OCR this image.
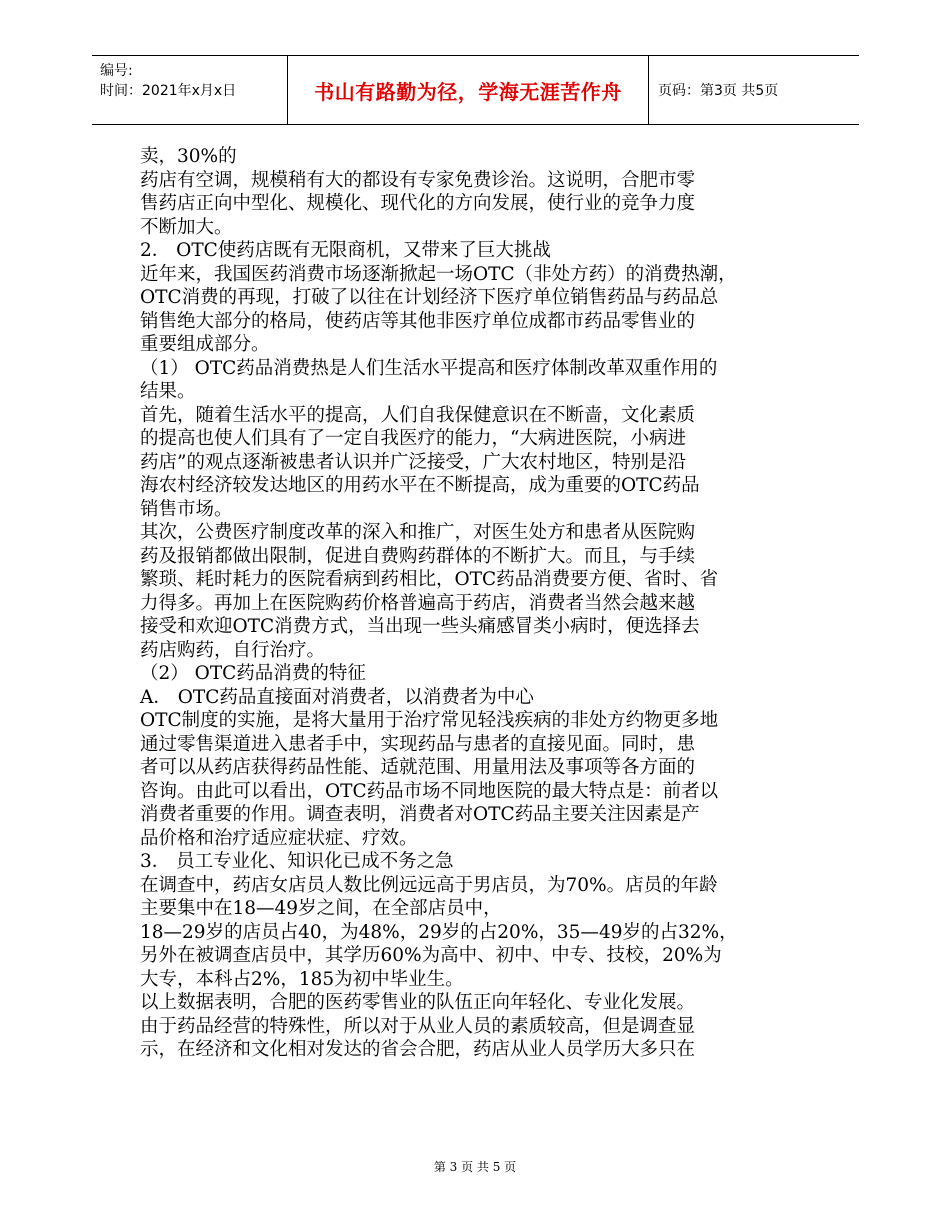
编号:
时间：2021年x月x日	书山有路勤为径，学海无涯苦作舟	页码：第3页 共5页

卖，30%的

药店有空调，规模稍有大的都设有专家免费诊治。这说明，合肥市零

售药店正向中型化、规模化、现代化的方向发展，使行业的竞争力度

不断加大。

2． OTC使药店既有无限商机，又带来了巨大挑战

近年来，我国医药消费市场逐渐掀起一场OTC（非处方药）的消费热潮，

OTC消费的再现，打破了以往在计划经济下医疗单位销售药品与药品总

销售绝大部分的格局，使药店等其他非医疗单位成都市药品零售业的

重要组成部分。

（1） OTC药品消费热是人们生活水平提高和医疗体制改革双重作用的

结果。

首先，随着生活水平的提高，人们自我保健意识在不断啬，文化素质

的提高也使人们具有了一定自我医疗的能力，“大病进医院，小病进

药店”的观点逐渐被患者认识并广泛接受，广大农村地区，特别是沿

海农村经济较发达地区的用药水平在不断提高，成为重要的OTC药品

销售市场。

其次，公费医疗制度改革的深入和推广，对医生处方和患者从医院购

药及报销都做出限制，促进自费购药群体的不断扩大。而且，与手续

繁琐、耗时耗力的医院看病到药相比，OTC药品消费要方便、省时、省

力得多。再加上在医院购药价格普遍高于药店，消费者当然会越来越

接受和欢迎OTC消费方式，当出现一些头痛感冒类小病时，便选择去

药店购药，自行治疗。

（2） OTC药品消费的特征

A． OTC药品直接面对消费者，以消费者为中心

OTC制度的实施，是将大量用于治疗常见轻浅疾病的非处方约物更多地

通过零售渠道进入患者手中，实现药品与患者的直接见面。同时，患

者可以从药店获得药品性能、适就范围、用量用法及事项等各方面的

咨询。由此可以看出，OTC药品市场不同地医院的最大特点是：前者以

消费者重要的作用。调查表明，消费者对OTC药品主要关注因素是产

品价格和治疗适应症状症、疗效。

3． 员工专业化、知识化已成不务之急

在调查中，药店女店员人数比例远远高于男店员，为70%。店员的年龄

主要集中在18—49岁之间，在全部店员中，

18—29岁的店员占40，为48%，29岁的占20%，35—49岁的占32%，

另外在被调查店员中，其学历60%为高中、初中、中专、技校，20%为

大专，本科占2%，185为初中毕业生。

以上数据表明，合肥的医药零售业的队伍正向年轻化、专业化发展。

由于药品经营的特殊性，所以对于从业人员的素质较高，但是调查显

示，在经济和文化相对发达的省会合肥，药店从业人员学历大多只在

第 3 页 共 5 页
